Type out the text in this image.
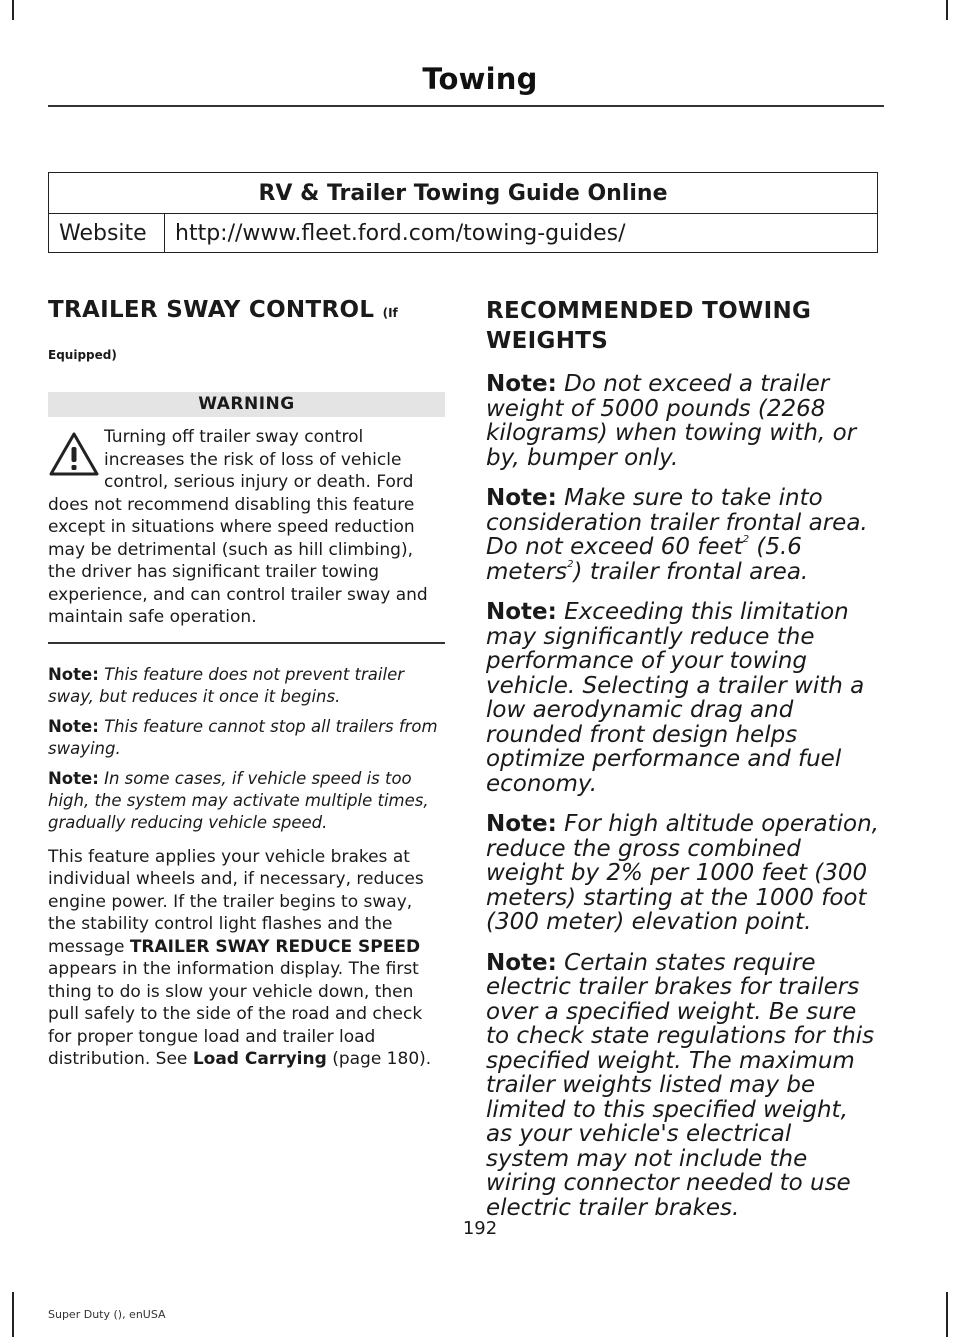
Towing
RV & Trailer Towing Guide Online
Website	http://www.fleet.ford.com/towing-guides/
TRAILER SWAY CONTROL (If
Equipped)
WARNING
Turning off trailer sway control increases the risk of loss of vehicle control, serious injury or death. Ford does not recommend disabling this feature except in situations where speed reduction may be detrimental (such as hill climbing), the driver has significant trailer towing experience, and can control trailer sway and maintain safe operation.

Note: This feature does not prevent trailer sway, but reduces it once it begins.

Note: This feature cannot stop all trailers from swaying.

Note: In some cases, if vehicle speed is too high, the system may activate multiple times, gradually reducing vehicle speed.

This feature applies your vehicle brakes at individual wheels and, if necessary, reduces engine power. If the trailer begins to sway, the stability control light flashes and the message TRAILER SWAY REDUCE SPEED appears in the information display. The first thing to do is slow your vehicle down, then pull safely to the side of the road and check for proper tongue load and trailer load distribution. See Load Carrying (page 180).
RECOMMENDED TOWING
WEIGHTS
Note: Do not exceed a trailer weight of 5000 pounds (2268 kilograms) when towing with, or by, bumper only.
Note: Make sure to take into consideration trailer frontal area. Do not exceed 60 feet$^2$ (5.6 meters$^2$) trailer frontal area.
Note: Exceeding this limitation may significantly reduce the performance of your towing vehicle. Selecting a trailer with a low aerodynamic drag and rounded front design helps optimize performance and fuel economy.
Note: For high altitude operation, reduce the gross combined weight by 2% per 1000 feet (300 meters) starting at the 1000 foot (300 meter) elevation point.
Note: Certain states require electric trailer brakes for trailers over a specified weight. Be sure to check state regulations for this specified weight. The maximum trailer weights listed may be limited to this specified weight, as your vehicle's electrical system may not include the wiring connector needed to use electric trailer brakes.
192
Super Duty (), enUSA
